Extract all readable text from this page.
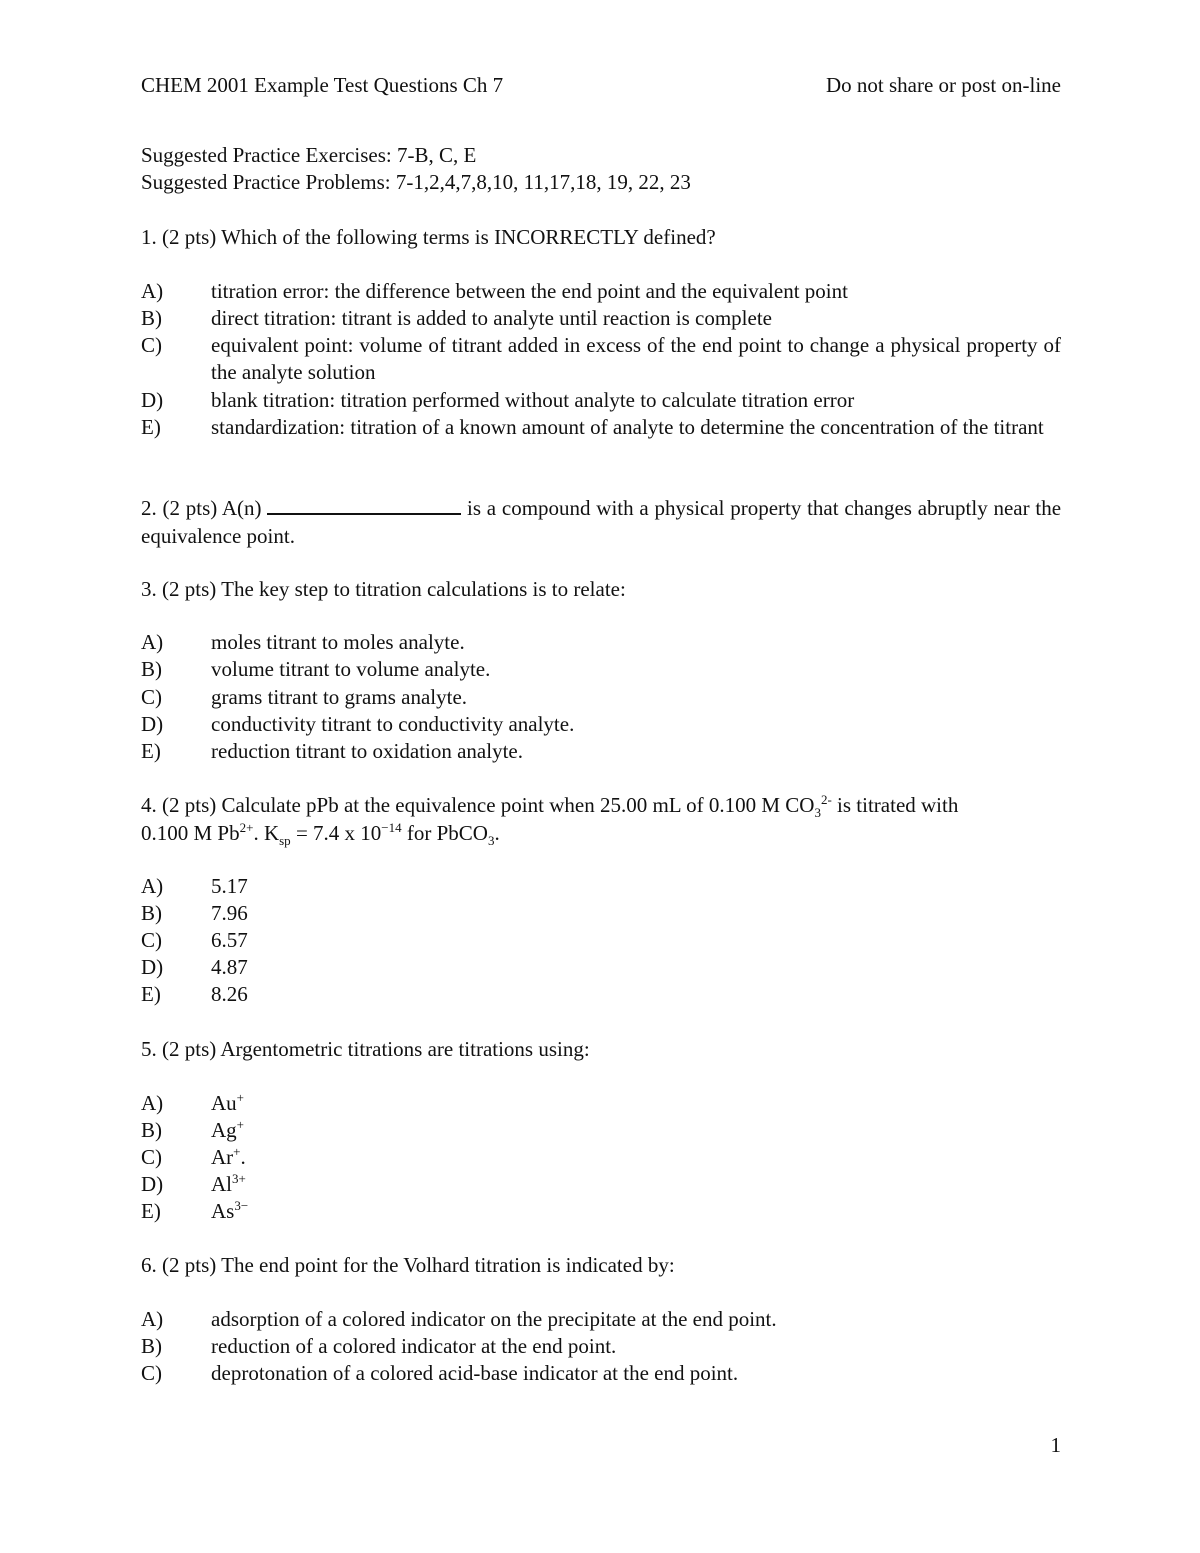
CHEM 2001 Example Test Questions Ch 7	Do not share or post on-line
Suggested Practice Exercises: 7-B, C, E
Suggested Practice Problems: 7-1,2,4,7,8,10, 11,17,18, 19, 22, 23
1. (2 pts) Which of the following terms is INCORRECTLY defined?
A) titration error: the difference between the end point and the equivalent point
B) direct titration: titrant is added to analyte until reaction is complete
C) equivalent point: volume of titrant added in excess of the end point to change a physical property of the analyte solution
D) blank titration: titration performed without analyte to calculate titration error
E) standardization: titration of a known amount of analyte to determine the concentration of the titrant
2. (2 pts) A(n)	is a compound with a physical property that changes abruptly near the equivalence point.
3. (2 pts) The key step to titration calculations is to relate:
A) moles titrant to moles analyte.
B) volume titrant to volume analyte.
C) grams titrant to grams analyte.
D) conductivity titrant to conductivity analyte.
E) reduction titrant to oxidation analyte.
4. (2 pts) Calculate pPb at the equivalence point when 25.00 mL of 0.100 M $CO_3^{2-}$ is titrated with
0.100 M $Pb^{2+}$. $K_{sp} = 7.4$ x $10^{-14}$ for PbCO$_3$.
A) 5.17
B) 7.96
C) 6.57
D) 4.87
E) 8.26
5. (2 pts) Argentometric titrations are titrations using:
A) Au+
B) Ag+
C) Ar+.
D) $Al^{3+}$
E) $As^{3-}$
6. (2 pts) The end point for the Volhard titration is indicated by:
A) adsorption of a colored indicator on the precipitate at the end point.
B) reduction of a colored indicator at the end point.
C) deprotonation of a colored acid-base indicator at the end point.
1
